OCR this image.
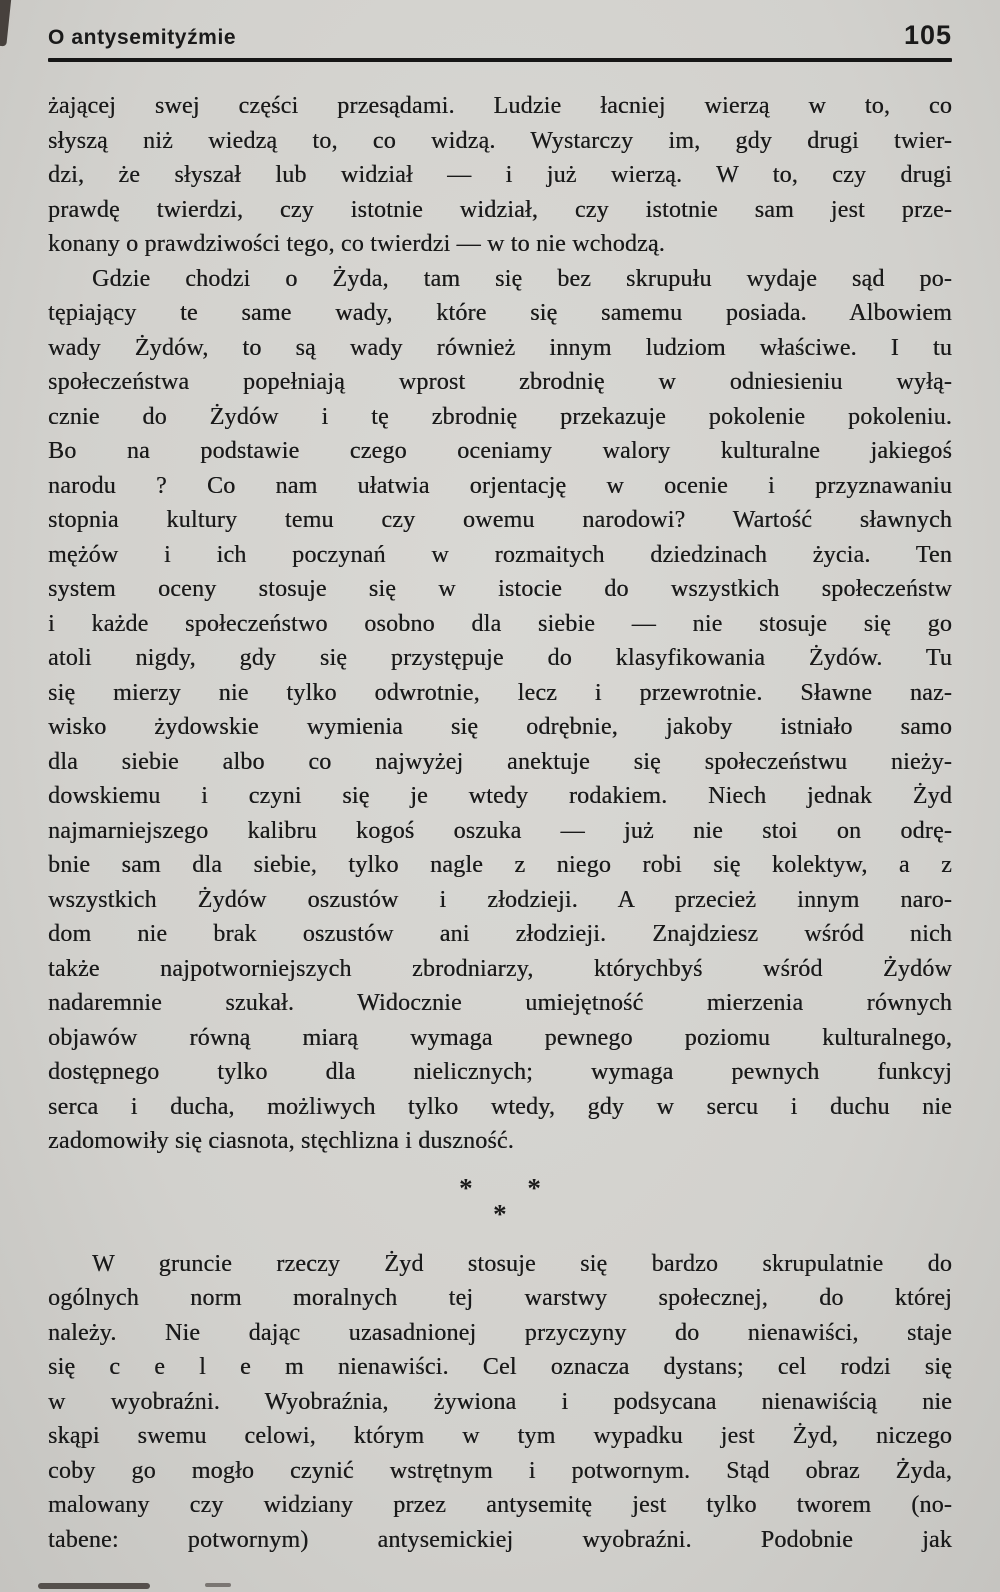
O antysemityźmie	105
żającej swej części przesądami. Ludzie łacniej wierzą w to, co
słyszą niż wiedzą to, co widzą. Wystarczy im, gdy drugi twier-
dzi, że słyszał lub widział — i już wierzą. W to, czy drugi
prawdę twierdzi, czy istotnie widział, czy istotnie sam jest prze-
konany o prawdziwości tego, co twierdzi — w to nie wchodzą.
Gdzie chodzi o Żyda, tam się bez skrupułu wydaje sąd po-
tępiający te same wady, które się samemu posiada. Albowiem
wady Żydów, to są wady również innym ludziom właściwe. I tu
społeczeństwa popełniają wprost zbrodnię w odniesieniu wyłą-
cznie do Żydów i tę zbrodnię przekazuje pokolenie pokoleniu.
Bo na podstawie czego oceniamy walory kulturalne jakiegoś
narodu ? Co nam ułatwia orjentację w ocenie i przyznawaniu
stopnia kultury temu czy owemu narodowi? Wartość sławnych
mężów i ich poczynań w rozmaitych dziedzinach życia. Ten
system oceny stosuje się w istocie do wszystkich społeczeństw
i każde społeczeństwo osobno dla siebie — nie stosuje się go
atoli nigdy, gdy się przystępuje do klasyfikowania Żydów. Tu
się mierzy nie tylko odwrotnie, lecz i przewrotnie. Sławne naz-
wisko żydowskie wymienia się odrębnie, jakoby istniało samo
dla siebie albo co najwyżej anektuje się społeczeństwu nieży-
dowskiemu i czyni się je wtedy rodakiem. Niech jednak Żyd
najmarniejszego kalibru kogoś oszuka — już nie stoi on odrę-
bnie sam dla siebie, tylko nagle z niego robi się kolektyw, a z
wszystkich Żydów oszustów i złodzieji. A przecież innym naro-
dom nie brak oszustów ani złodzieji. Znajdziesz wśród nich
także najpotworniejszych zbrodniarzy, którychbyś wśród Żydów
nadaremnie szukał. Widocznie umiejętność mierzenia równych
objawów równą miarą wymaga pewnego poziomu kulturalnego,
dostępnego tylko dla nielicznych; wymaga pewnych funkcyj
serca i ducha, możliwych tylko wtedy, gdy w sercu i duchu nie
zadomowiły się ciasnota, stęchlizna i duszność.
* *
*
W gruncie rzeczy Żyd stosuje się bardzo skrupulatnie do
ogólnych norm moralnych tej warstwy społecznej, do której
należy. Nie dając uzasadnionej przyczyny do nienawiści, staje
się c e l e m nienawiści. Cel oznacza dystans; cel rodzi się
w wyobraźni. Wyobraźnia, żywiona i podsycana nienawiścią nie
skąpi swemu celowi, którym w tym wypadku jest Żyd, niczego
coby go mogło czynić wstrętnym i potwornym. Stąd obraz Żyda,
malowany czy widziany przez antysemitę jest tylko tworem (no-
tabene: potwornym) antysemickiej wyobraźni. Podobnie jak
